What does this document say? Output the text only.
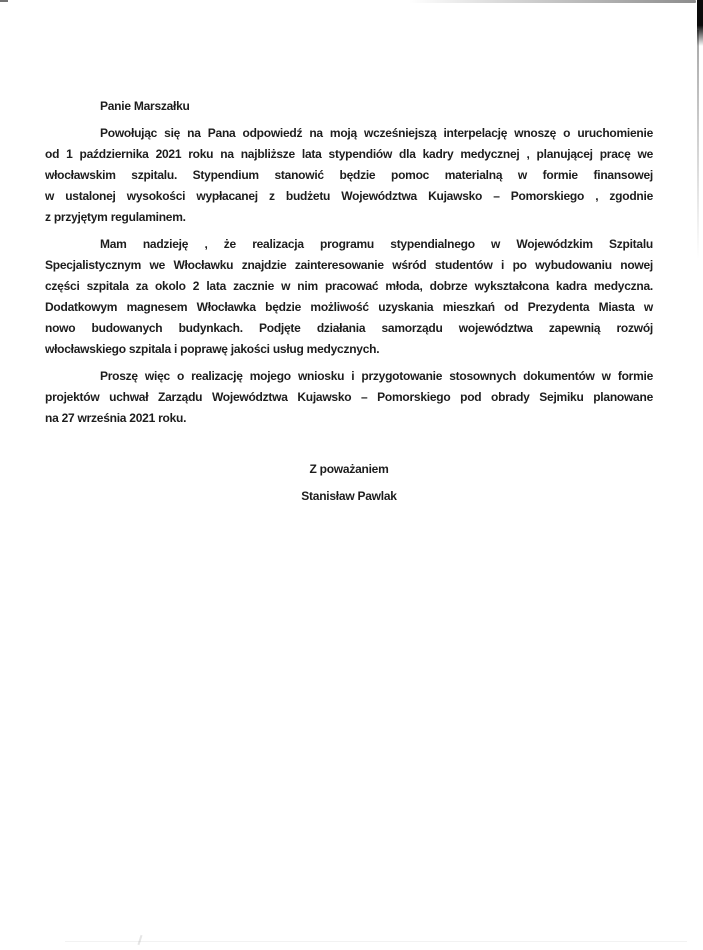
Panie Marszałku
Powołując się na Pana odpowiedź na moją wcześniejszą interpelację wnoszę o uruchomienie
od 1 października 2021 roku na najbliższe lata stypendiów dla kadry medycznej , planującej pracę we
włocławskim szpitalu. Stypendium stanowić będzie pomoc materialną w formie finansowej
w ustalonej wysokości wypłacanej z budżetu Województwa Kujawsko – Pomorskiego , zgodnie
z przyjętym regulaminem.
Mam nadzieję , że realizacja programu stypendialnego w Wojewódzkim Szpitalu
Specjalistycznym we Włocławku znajdzie zainteresowanie wśród studentów i po wybudowaniu nowej
części szpitala za okolo 2 lata zacznie w nim pracować młoda, dobrze wykształcona kadra medyczna.
Dodatkowym magnesem Włocławka będzie możliwość uzyskania mieszkań od Prezydenta Miasta w
nowo budowanych budynkach. Podjęte działania samorządu województwa zapewnią rozwój
włocławskiego szpitala i poprawę jakości usług medycznych.
Proszę więc o realizację mojego wniosku i przygotowanie stosownych dokumentów w formie
projektów uchwał Zarządu Województwa Kujawsko – Pomorskiego pod obrady Sejmiku planowane
na 27 września 2021 roku.
Z poważaniem
Stanisław Pawlak
